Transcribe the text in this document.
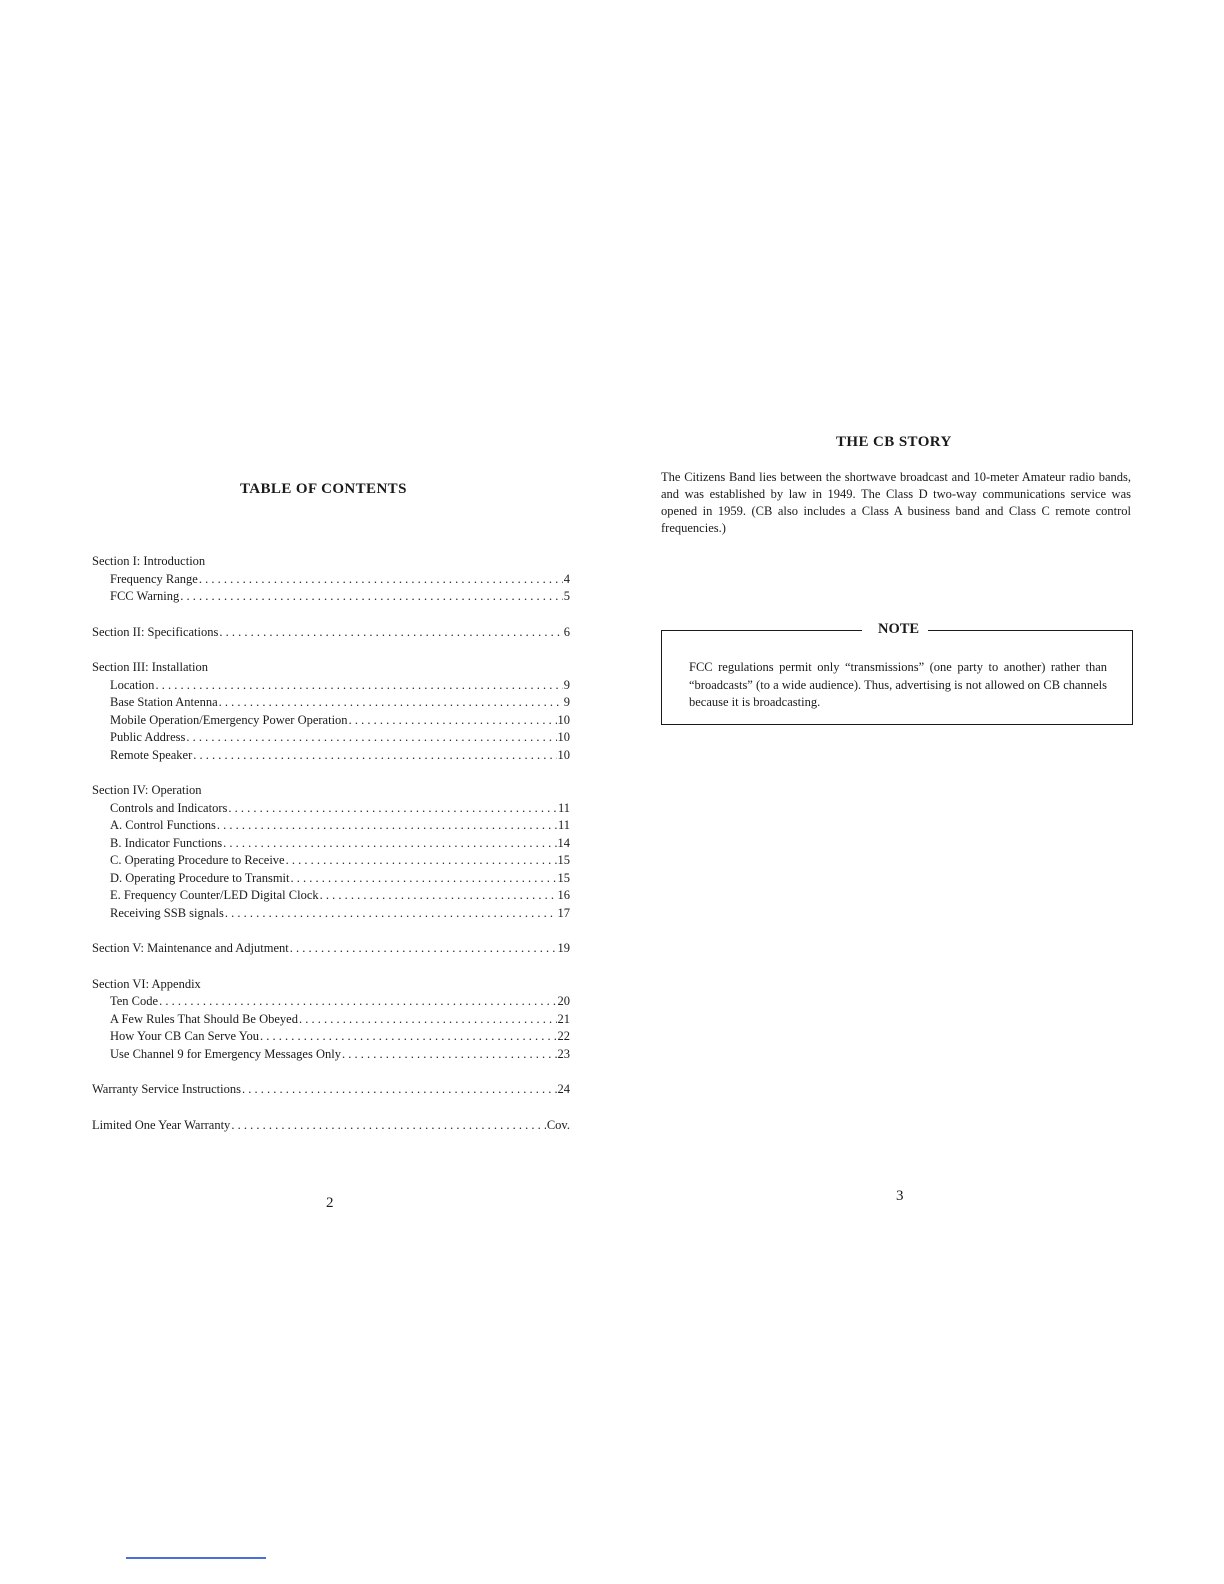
TABLE OF CONTENTS
Section I: Introduction
Frequency Range . . .	4
FCC Warning . . .	5
Section II: Specifications . . .	6
Section III: Installation
Location . . .	9
Base Station Antenna . . .	9
Mobile Operation/Emergency Power Operation . . .	10
Public Address . . .	10
Remote Speaker . . .	10
Section IV: Operation
Controls and Indicators . . .	11
A. Control Functions . . .	11
B. Indicator Functions . . .	14
C. Operating Procedure to Receive . . .	15
D. Operating Procedure to Transmit . . .	15
E. Frequency Counter/LED Digital Clock . . .	16
Receiving SSB signals . . .	17
Section V: Maintenance and Adjutment . . .	19
Section VI: Appendix
Ten Code . . .	20
A Few Rules That Should Be Obeyed . . .	21
How Your CB Can Serve You . . .	22
Use Channel 9 for Emergency Messages Only . . .	23
Warranty Service Instructions . . .	24
Limited One Year Warranty . . .	Cov.
2
THE CB STORY
The Citizens Band lies between the shortwave broadcast and 10-meter Amateur radio bands, and was established by law in 1949. The Class D two-way communications service was opened in 1959. (CB also includes a Class A business band and Class C remote control frequencies.)
NOTE
FCC regulations permit only “transmissions” (one party to another) rather than “broadcasts” (to a wide audience). Thus, advertising is not allowed on CB channels because it is broadcasting.
3
